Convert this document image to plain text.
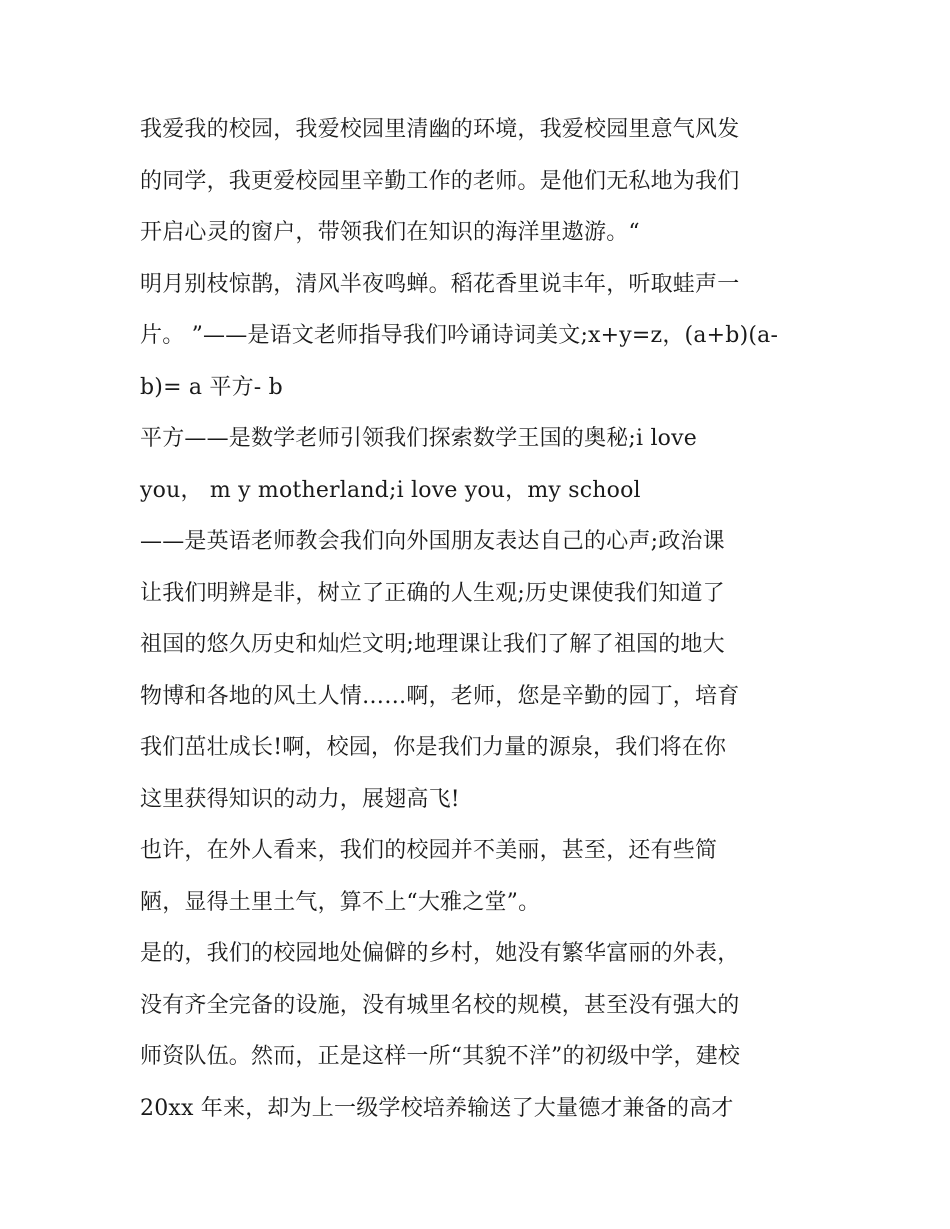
我爱我的校园，我爱校园里清幽的环境，我爱校园里意气风发
的同学，我更爱校园里辛勤工作的老师。是他们无私地为我们
开启心灵的窗户，带领我们在知识的海洋里遨游。“
明月别枝惊鹊，清风半夜鸣蝉。稻花香里说丰年，听取蛙声一
片。 ”——是语文老师指导我们吟诵诗词美文;x+y=z，(a+b)(a-
b)= a 平方- b
平方——是数学老师引领我们探索数学王国的奥秘;i love
you， m y motherland;i love you，my school
——是英语老师教会我们向外国朋友表达自己的心声;政治课
让我们明辨是非，树立了正确的人生观;历史课使我们知道了
祖国的悠久历史和灿烂文明;地理课让我们了解了祖国的地大
物博和各地的风土人情……啊，老师，您是辛勤的园丁，培育
我们茁壮成长!啊，校园，你是我们力量的源泉，我们将在你
这里获得知识的动力，展翅高飞!
也许，在外人看来，我们的校园并不美丽，甚至，还有些简
陋，显得土里土气，算不上“大雅之堂”。
是的，我们的校园地处偏僻的乡村，她没有繁华富丽的外表，
没有齐全完备的设施，没有城里名校的规模，甚至没有强大的
师资队伍。然而，正是这样一所“其貌不洋”的初级中学，建校
20xx 年来，却为上一级学校培养输送了大量德才兼备的高才
